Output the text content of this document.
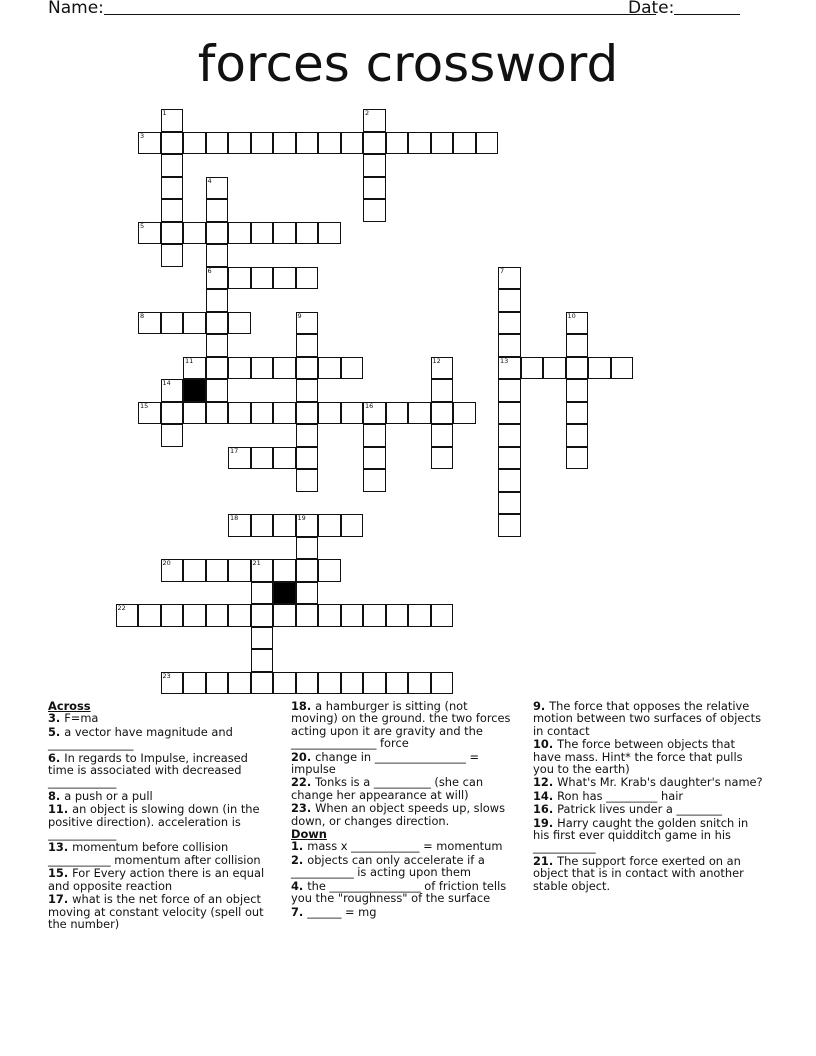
Name:	Date:
forces crossword
1	2
3
4
5
6	7
8	9	10
11	12	13
14
15	16
17
18	19
20	21
22
23
Across
3. F=ma
5. a vector have magnitude and _______________
6. In regards to Impulse, increased time is associated with decreased ____________
8. a push or a pull
11. an object is slowing down (in the positive direction). acceleration is ____________
13. momentum before collision ___________ momentum after collision
15. For Every action there is an equal and opposite reaction
17. what is the net force of an object moving at constant velocity (spell out the number)
18. a hamburger is sitting (not moving) on the ground. the two forces acting upon it are gravity and the _______________ force
20. change in ________________ = impulse
22. Tonks is a __________ (she can change her appearance at will)
23. When an object speeds up, slows down, or changes direction.
Down
1. mass x ____________ = momentum
2. objects can only accelerate if a ___________ is acting upon them
4. the ________________ of friction tells you the "roughness" of the surface
7. ______ = mg
9. The force that opposes the relative motion between two surfaces of objects in contact
10. The force between objects that have mass. Hint* the force that pulls you to the earth)
12. What's Mr. Krab's daughter's name?
14. Ron has _________ hair
16. Patrick lives under a ________
19. Harry caught the golden snitch in his first ever quidditch game in his ___________
21. The support force exerted on an object that is in contact with another stable object.
